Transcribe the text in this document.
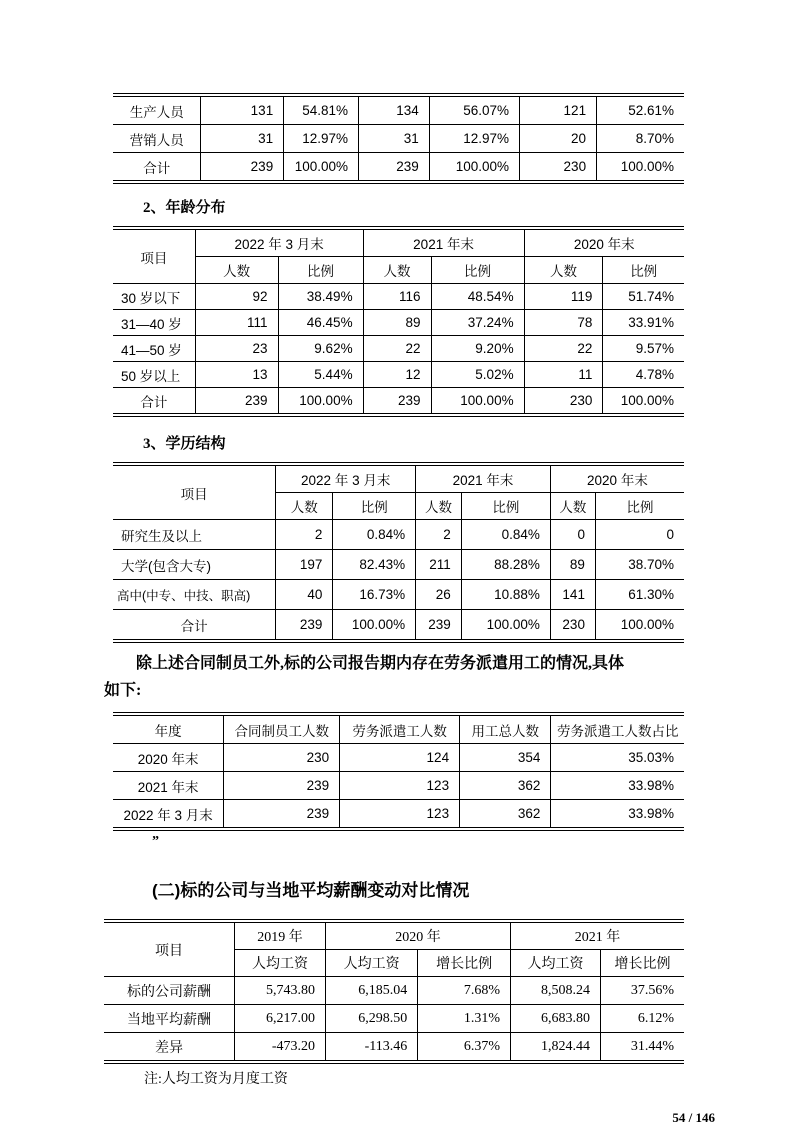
生产人员	131	54.81%	134	56.07%	121	52.61%
营销人员	31	12.97%	31	12.97%	20	8.70%
合计	239	100.00%	239	100.00%	230	100.00%
2、年龄分布
项目	2022 年 3 月末		2021 年末		2020 年末	
	人数	比例	人数	比例	人数	比例
30 岁以下	92	38.49%	116	48.54%	119	51.74%
31—40 岁	111	46.45%	89	37.24%	78	33.91%
41—50 岁	23	9.62%	22	9.20%	22	9.57%
50 岁以上	13	5.44%	12	5.02%	11	4.78%
合计	239	100.00%	239	100.00%	230	100.00%
3、学历结构
项目	2022 年 3 月末		2021 年末		2020 年末	
	人数	比例	人数	比例	人数	比例
研究生及以上	2	0.84%	2	0.84%	0	0
大学(包含大专)	197	82.43%	211	88.28%	89	38.70%
高中(中专、中技、职高)	40	16.73%	26	10.88%	141	61.30%
合计	239	100.00%	239	100.00%	230	100.00%
除上述合同制员工外,标的公司报告期内存在劳务派遣用工的情况,具体
如下:
年度	合同制员工人数	劳务派遣工人数	用工总人数	劳务派遣工人数占比
2020 年末	230	124	354	35.03%
2021 年末	239	123	362	33.98%
2022 年 3 月末	239	123	362	33.98%
”
(二)标的公司与当地平均薪酬变动对比情况
项目	2019 年	2020 年		2021 年	
	人均工资	人均工资	增长比例	人均工资	增长比例
标的公司薪酬	5,743.80	6,185.04	7.68%	8,508.24	37.56%
当地平均薪酬	6,217.00	6,298.50	1.31%	6,683.80	6.12%
差异	-473.20	-113.46	6.37%	1,824.44	31.44%
注:人均工资为月度工资
54 / 146
